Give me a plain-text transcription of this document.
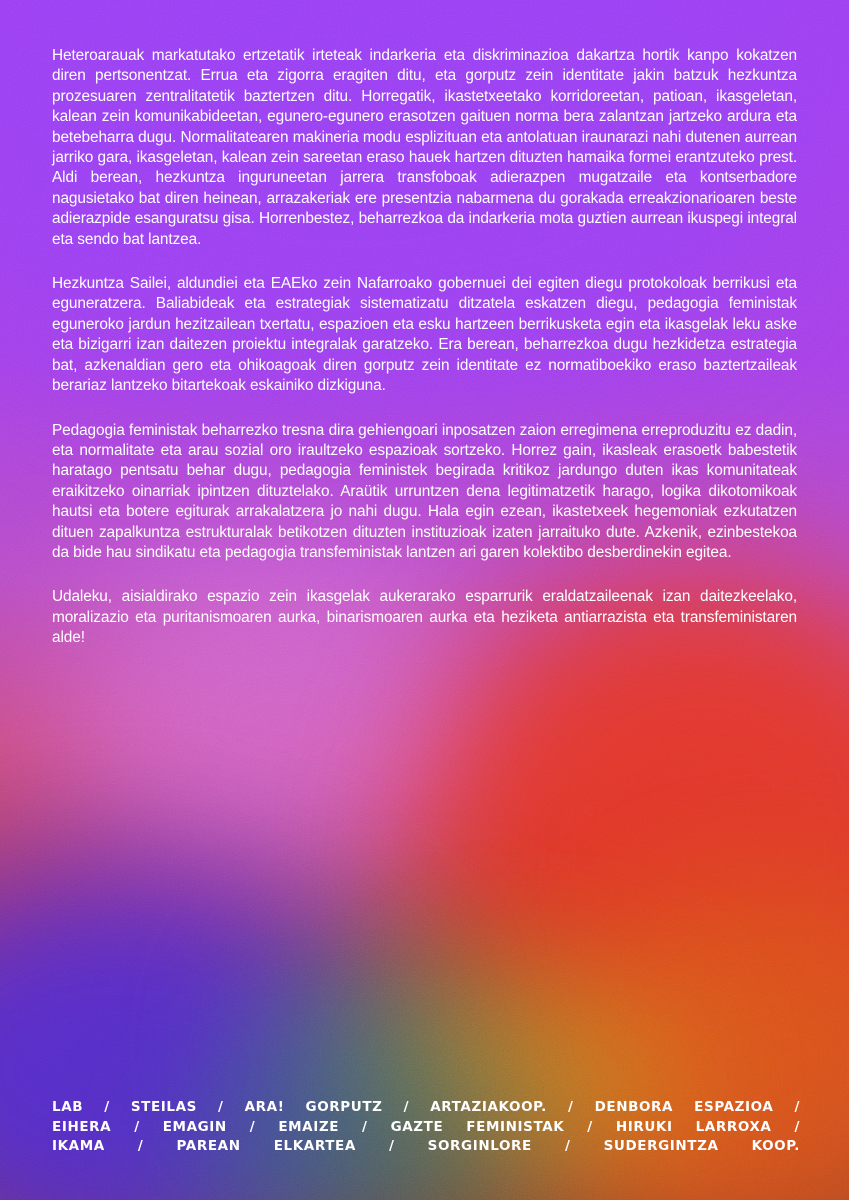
Heteroarauak markatutako ertzetatik irteteak indarkeria eta diskriminazioa dakartza hortik kanpo kokatzen diren pertsonentzat. Errua eta zigorra eragiten ditu, eta gorputz zein identitate jakin batzuk hezkuntza prozesuaren zentralitatetik baztertzen ditu. Horregatik, ikastetxeetako korridoreetan, patioan, ikasgeletan, kalean zein komunikabideetan, egunero-egunero erasotzen gaituen norma bera zalantzan jartzeko ardura eta betebeharra dugu. Normalitatearen makineria modu esplizituan eta antolatuan iraunarazi nahi dutenen aurrean jarriko gara, ikasgeletan, kalean zein sareetan eraso hauek hartzen dituzten hamaika formei erantzuteko prest. Aldi berean, hezkuntza inguruneetan jarrera transfoboak adierazpen mugatzaile eta kontserbadore nagusietako bat diren heinean, arrazakeriak ere presentzia nabarmena du gorakada erreakzionarioaren beste adierazpide esanguratsu gisa. Horrenbestez, beharrezkoa da indarkeria mota guztien aurrean ikuspegi integral eta sendo bat lantzea.

Hezkuntza Sailei, aldundiei eta EAEko zein Nafarroako gobernuei dei egiten diegu protokoloak berrikusi eta eguneratzera. Baliabideak eta estrategiak sistematizatu ditzatela eskatzen diegu, pedagogia feministak eguneroko jardun hezitzailean txertatu, espazioen eta esku hartzeen berrikusketa egin eta ikasgelak leku aske eta bizigarri izan daitezen proiektu integralak garatzeko. Era berean, beharrezkoa dugu hezkidetza estrategia bat, azkenaldian gero eta ohikoagoak diren gorputz zein identitate ez normatiboekiko eraso baztertzaileak berariaz lantzeko bitartekoak eskainiko dizkiguna.

Pedagogia feministak beharrezko tresna dira gehiengoari inposatzen zaion erregimena erreproduzitu ez dadin, eta normalitate eta arau sozial oro iraultzeko espazioak sortzeko. Horrez gain, ikasleak erasoetk babestetik haratago pentsatu behar dugu, pedagogia feministek begirada kritikoz jardungo duten ikas komunitateak eraikitzeko oinarriak ipintzen dituztelako. Araütik urruntzen dena legitimatzetik harago, logika dikotomikoak hautsi eta botere egiturak arrakalatzera jo nahi dugu. Hala egin ezean, ikastetxeek hegemoniak ezkutatzen dituen zapalkuntza estrukturalak betikotzen dituzten instituzioak izaten jarraituko dute. Azkenik, ezinbestekoa da bide hau sindikatu eta pedagogia transfeministak lantzen ari garen kolektibo desberdinekin egitea.

Udaleku, aisialdirako espazio zein ikasgelak aukerarako esparrurik eraldatzaileenak izan daitezkeelako, moralizazio eta puritanismoaren aurka, binarismoaren aurka eta heziketa antiarrazista eta transfeministaren alde!

LAB / STEILAS / ARA! GORPUTZ / ARTAZIAKOOP. / DENBORA ESPAZIOA /
EIHERA / EMAGIN / EMAIZE / GAZTE FEMINISTAK / HIRUKI LARROXA /
IKAMA / PAREAN ELKARTEA / SORGINLORE / SUDERGINTZA KOOP.
